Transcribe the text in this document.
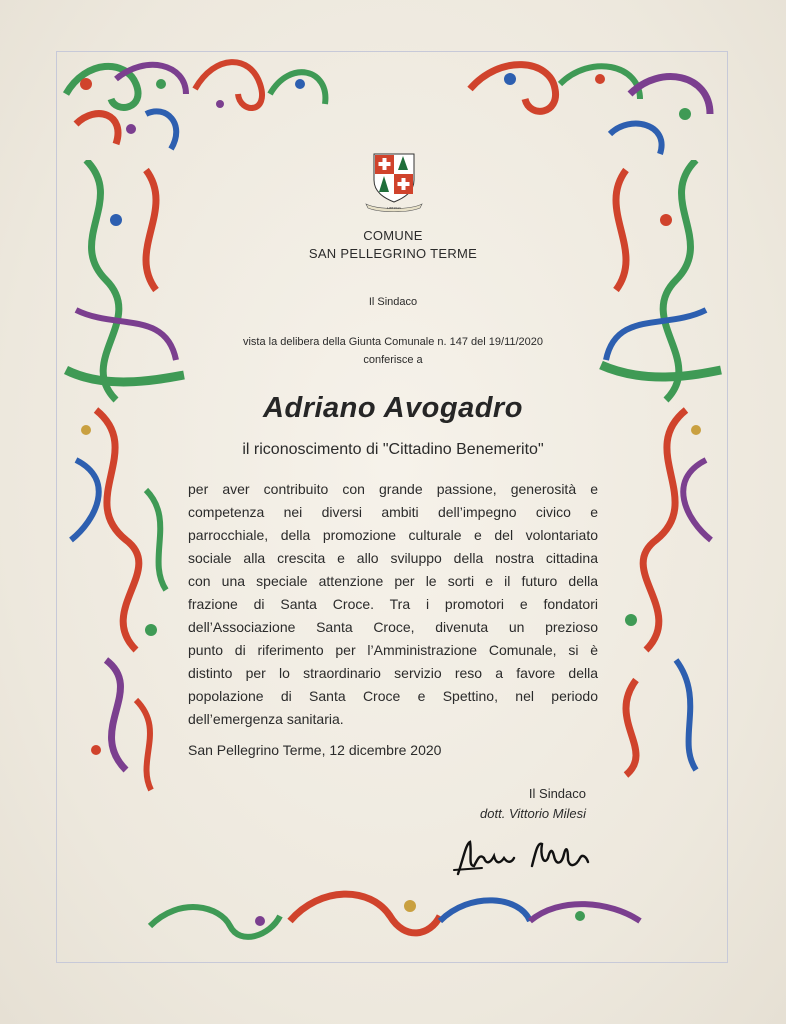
LIBERTAS
COMUNE
SAN PELLEGRINO TERME
Il Sindaco
vista la delibera della Giunta Comunale n. 147 del 19/11/2020
conferisce a
Adriano Avogadro
il riconoscimento di "Cittadino Benemerito"
per aver contribuito con grande passione, generosità e
competenza nei diversi ambiti dell’impegno civico e
parrocchiale, della promozione culturale e del volontariato
sociale alla crescita e allo sviluppo della nostra cittadina
con una speciale attenzione per le sorti e il futuro della
frazione di Santa Croce. Tra i promotori e fondatori
dell’Associazione Santa Croce, divenuta un prezioso
punto di riferimento per l’Amministrazione Comunale, si è
distinto per lo straordinario servizio reso a favore della
popolazione di Santa Croce e Spettino, nel periodo
dell’emergenza sanitaria.
San Pellegrino Terme, 12 dicembre 2020
Il Sindaco
dott. Vittorio Milesi
